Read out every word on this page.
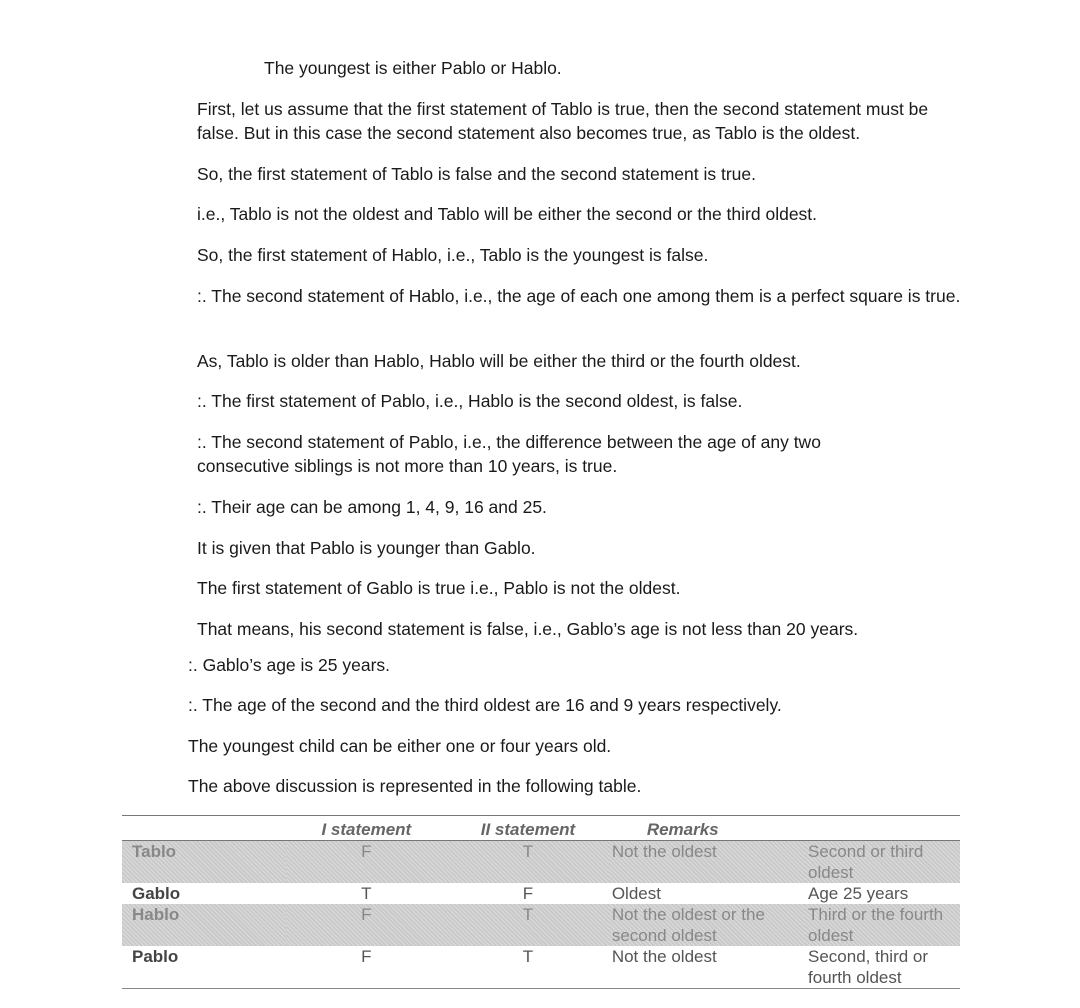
The youngest is either Pablo or Hablo.

First, let us assume that the first statement of Tablo is true, then the second statement must be false. But in this case the second statement also becomes true, as Tablo is the oldest.

So, the first statement of Tablo is false and the second statement is true.

i.e., Tablo is not the oldest and Tablo will be either the second or the third oldest.

So, the first statement of Hablo, i.e., Tablo is the youngest is false.

:. The second statement of Hablo, i.e., the age of each one among them is a perfect square is true.

As, Tablo is older than Hablo, Hablo will be either the third or the fourth oldest.

:. The first statement of Pablo, i.e., Hablo is the second oldest, is false.

:. The second statement of Pablo, i.e., the difference between the age of any two consecutive siblings is not more than 10 years, is true.

:. Their age can be among 1, 4, 9, 16 and 25.

It is given that Pablo is younger than Gablo.

The first statement of Gablo is true i.e., Pablo is not the oldest.

That means, his second statement is false, i.e., Gablo’s age is not less than 20 years.

:. Gablo’s age is 25 years.

:. The age of the second and the third oldest are 16 and 9 years respectively.

The youngest child can be either one or four years old.

The above discussion is represented in the following table.

	I statement	II statement	Remarks	
Tablo	F	T	Not the oldest	Second or third oldest
Gablo	T	F	Oldest	Age 25 years
Hablo	F	T	Not the oldest or the second oldest	Third or the fourth oldest
Pablo	F	T	Not the oldest	Second, third or fourth oldest
